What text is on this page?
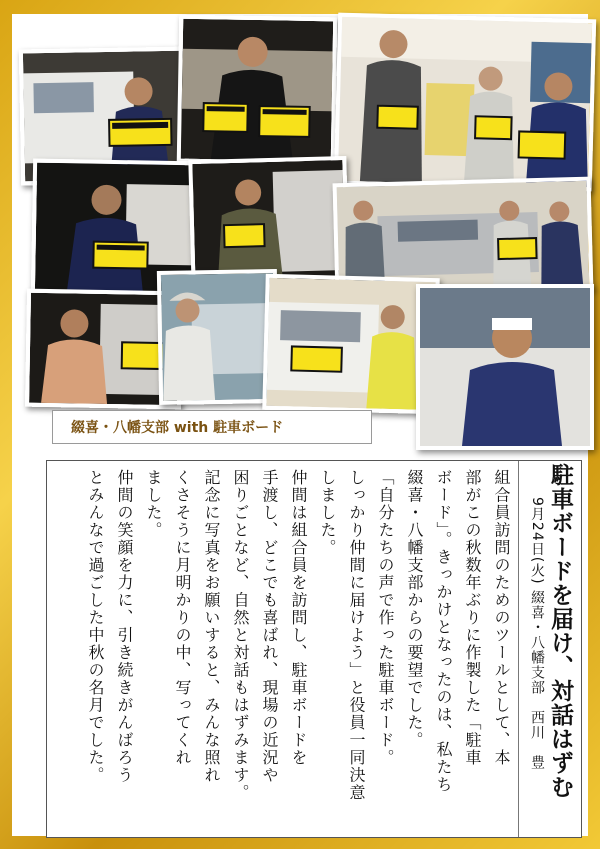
綴喜・八幡支部 with 駐車ボード
駐車ボードを届け、対話はずむ
9月24日(火) 綴喜・八幡支部　西川　豊
組合員訪問のためのツールとして、本
部がこの秋数年ぶりに作製した「駐車
ボード」。きっかけとなったのは、私たち
綴喜・八幡支部からの要望でした。
「自分たちの声で作った駐車ボード。
しっかり仲間に届けよう」と役員一同決意
しました。
仲間は組合員を訪問し、駐車ボードを
手渡し、どこでも喜ばれ、現場の近況や
困りごとなど、自然と対話もはずみます。
記念に写真をお願いすると、みんな照れ
くさそうに月明かりの中、写ってくれ
ました。
仲間の笑顔を力に、引き続きがんばろう
とみんなで過ごした中秋の名月でした。
